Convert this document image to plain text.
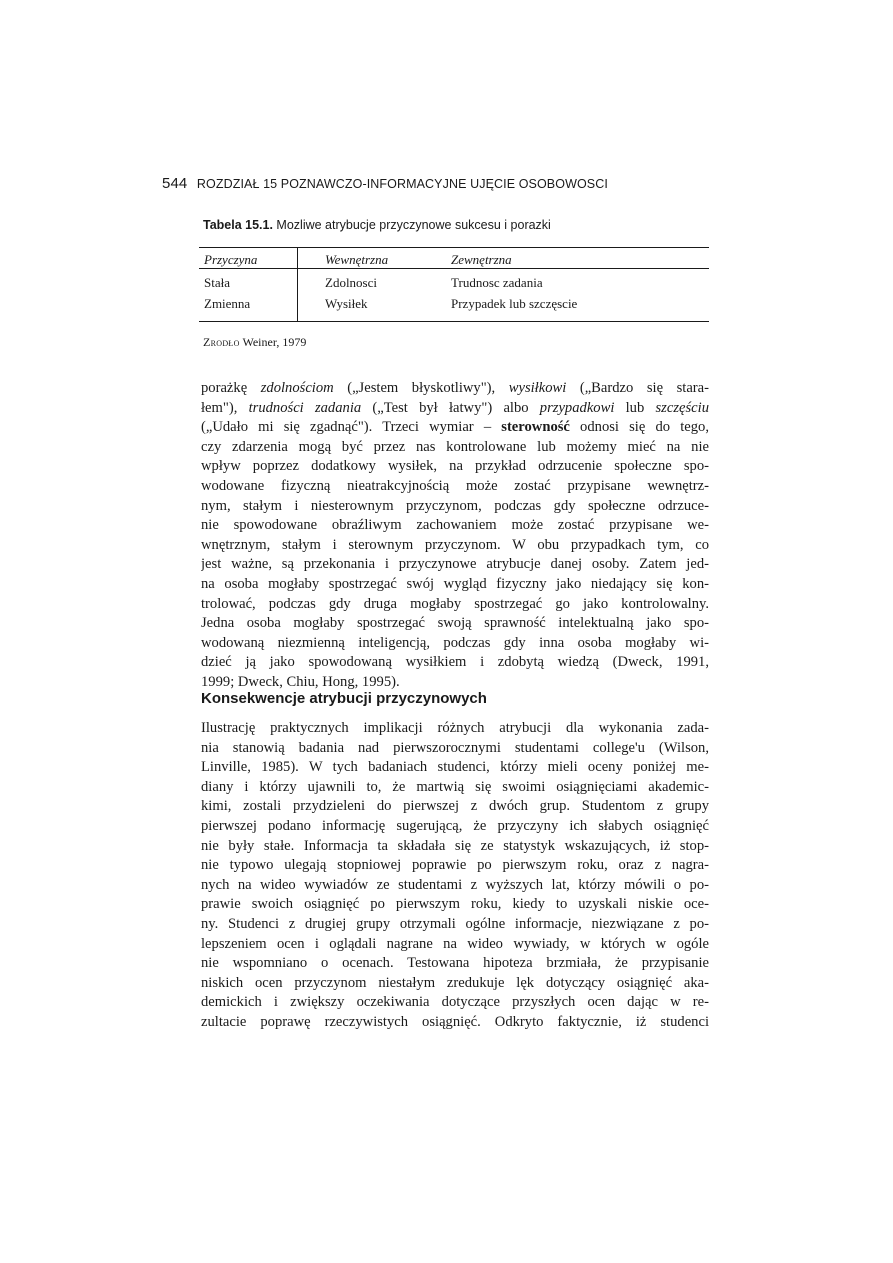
544 ROZDZIAŁ 15 POZNAWCZO-INFORMACYJNE UJĘCIE OSOBOWOSCI
Tabela 15.1. Mozliwe atrybucje przyczynowe sukcesu i porazki
Przyczyna	Wewnętrzna	Zewnętrzna
Stała	Zdolnosci	Trudnosc zadania
Zmienna	Wysiłek	Przypadek lub szczęscie
Zrodło Weiner, 1979
porażkę zdolnościom („Jestem błyskotliwy"), wysiłkowi („Bardzo się stara-
łem"), trudności zadania („Test był łatwy") albo przypadkowi lub szczęściu
(„Udało mi się zgadnąć"). Trzeci wymiar – sterowność odnosi się do tego,
czy zdarzenia mogą być przez nas kontrolowane lub możemy mieć na nie
wpływ poprzez dodatkowy wysiłek, na przykład odrzucenie społeczne spo-
wodowane fizyczną nieatrakcyjnością może zostać przypisane wewnętrz-
nym, stałym i niesterownym przyczynom, podczas gdy społeczne odrzuce-
nie spowodowane obraźliwym zachowaniem może zostać przypisane we-
wnętrznym, stałym i sterownym przyczynom. W obu przypadkach tym, co
jest ważne, są przekonania i przyczynowe atrybucje danej osoby. Zatem jed-
na osoba mogłaby spostrzegać swój wygląd fizyczny jako niedający się kon-
trolować, podczas gdy druga mogłaby spostrzegać go jako kontrolowalny.
Jedna osoba mogłaby spostrzegać swoją sprawność intelektualną jako spo-
wodowaną niezmienną inteligencją, podczas gdy inna osoba mogłaby wi-
dzieć ją jako spowodowaną wysiłkiem i zdobytą wiedzą (Dweck, 1991,
1999; Dweck, Chiu, Hong, 1995).
Konsekwencje atrybucji przyczynowych
Ilustrację praktycznych implikacji różnych atrybucji dla wykonania zada-
nia stanowią badania nad pierwszorocznymi studentami college'u (Wilson,
Linville, 1985). W tych badaniach studenci, którzy mieli oceny poniżej me-
diany i którzy ujawnili to, że martwią się swoimi osiągnięciami akademic-
kimi, zostali przydzieleni do pierwszej z dwóch grup. Studentom z grupy
pierwszej podano informację sugerującą, że przyczyny ich słabych osiągnięć
nie były stałe. Informacja ta składała się ze statystyk wskazujących, iż stop-
nie typowo ulegają stopniowej poprawie po pierwszym roku, oraz z nagra-
nych na wideo wywiadów ze studentami z wyższych lat, którzy mówili o po-
prawie swoich osiągnięć po pierwszym roku, kiedy to uzyskali niskie oce-
ny. Studenci z drugiej grupy otrzymali ogólne informacje, niezwiązane z po-
lepszeniem ocen i oglądali nagrane na wideo wywiady, w których w ogóle
nie wspomniano o ocenach. Testowana hipoteza brzmiała, że przypisanie
niskich ocen przyczynom niestałym zredukuje lęk dotyczący osiągnięć aka-
demickich i zwiększy oczekiwania dotyczące przyszłych ocen dając w re-
zultacie poprawę rzeczywistych osiągnięć. Odkryto faktycznie, iż studenci
